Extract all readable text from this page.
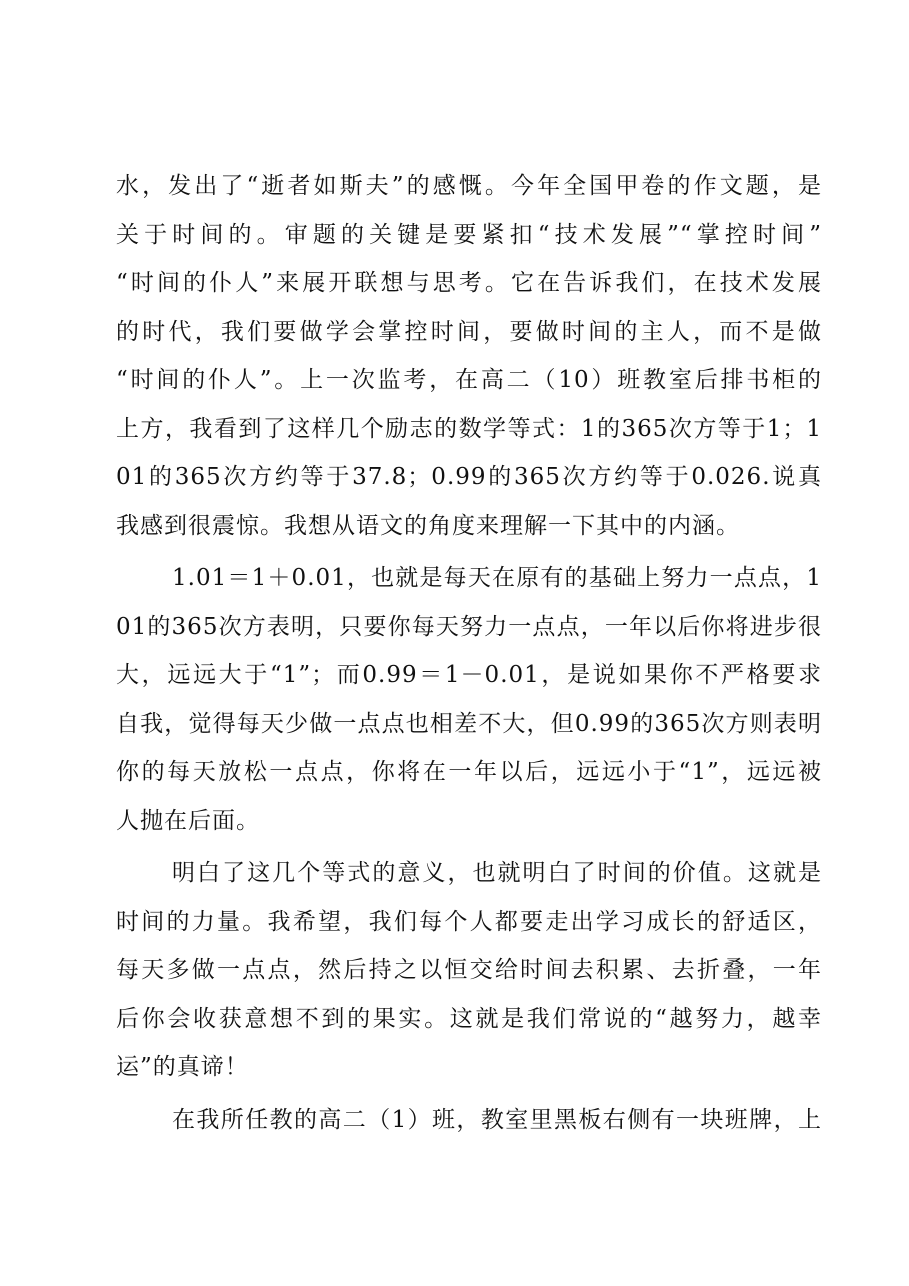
水，发出了“逝者如斯夫”的感慨。今年全国甲卷的作文题，是
关于时间的。审题的关键是要紧扣“技术发展”“掌控时间”
“时间的仆人”来展开联想与思考。它在告诉我们，在技术发展
的时代，我们要做学会掌控时间，要做时间的主人，而不是做
“时间的仆人”。上一次监考，在高二（10）班教室后排书柜的
上方，我看到了这样几个励志的数学等式：1的365次方等于1；1
01的365次方约等于37.8；0.99的365次方约等于0.026.说真
我感到很震惊。我想从语文的角度来理解一下其中的内涵。
1.01＝1＋0.01，也就是每天在原有的基础上努力一点点，1
01的365次方表明，只要你每天努力一点点，一年以后你将进步很
大，远远大于“1”；而0.99＝1－0.01，是说如果你不严格要求
自我，觉得每天少做一点点也相差不大，但0.99的365次方则表明
你的每天放松一点点，你将在一年以后，远远小于“1”，远远被
人抛在后面。
明白了这几个等式的意义，也就明白了时间的价值。这就是
时间的力量。我希望，我们每个人都要走出学习成长的舒适区，
每天多做一点点，然后持之以恒交给时间去积累、去折叠，一年
后你会收获意想不到的果实。这就是我们常说的“越努力，越幸
运”的真谛！
在我所任教的高二（1）班，教室里黑板右侧有一块班牌，上
